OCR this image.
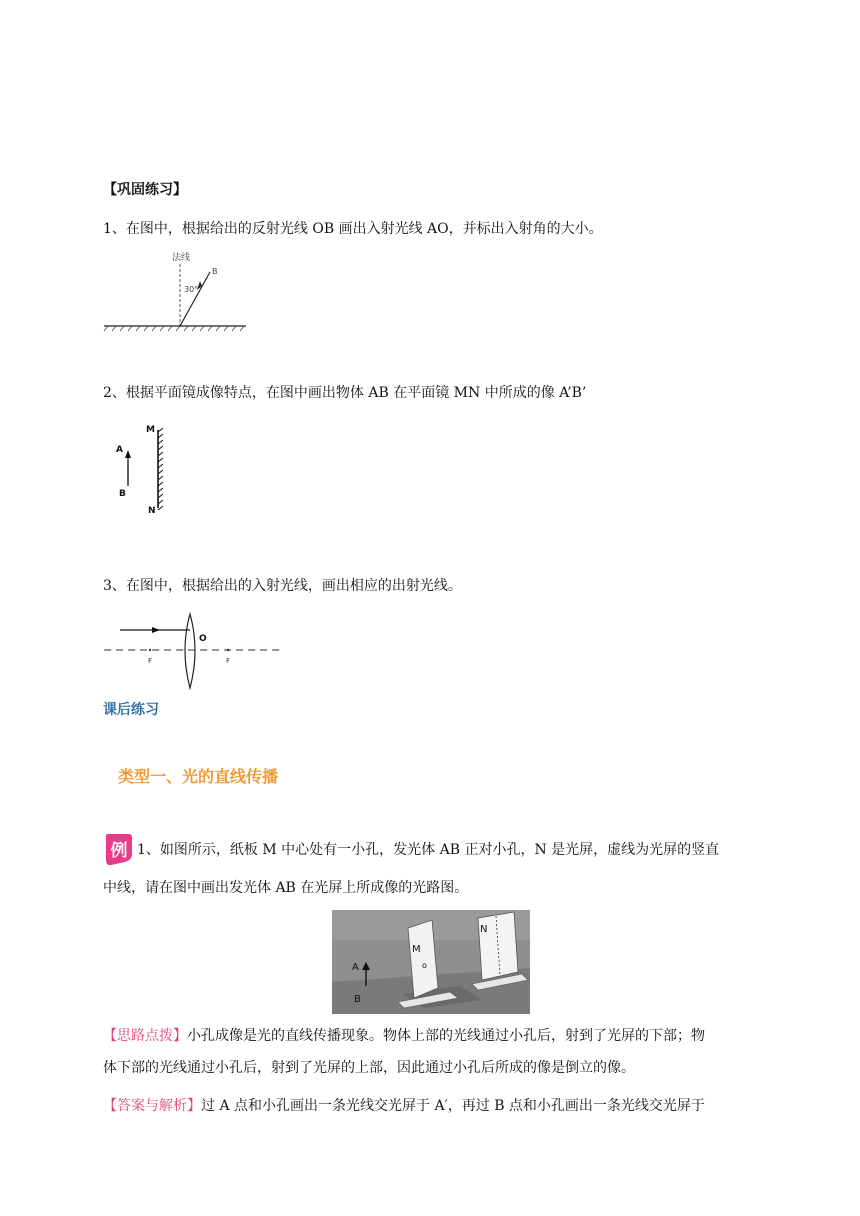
【巩固练习】
1、在图中，根据给出的反射光线 OB 画出入射光线 AO，并标出入射角的大小。
法线
30°
B
2、根据平面镜成像特点，在图中画出物体 AB 在平面镜 MN 中所成的像 A’B’
A
B
M
N
3、在图中，根据给出的入射光线，画出相应的出射光线。
O
F	F
课后练习
类型一、光的直线传播
例 1、如图所示，纸板 M 中心处有一小孔，发光体 AB 正对小孔，N 是光屏，虚线为光屏的竖直
中线，请在图中画出发光体 AB 在光屏上所成像的光路图。
A
B
M
N
o
【思路点拨】小孔成像是光的直线传播现象。物体上部的光线通过小孔后，射到了光屏的下部；物
体下部的光线通过小孔后，射到了光屏的上部，因此通过小孔后所成的像是倒立的像。
【答案与解析】过 A 点和小孔画出一条光线交光屏于 A′，再过 B 点和小孔画出一条光线交光屏于
